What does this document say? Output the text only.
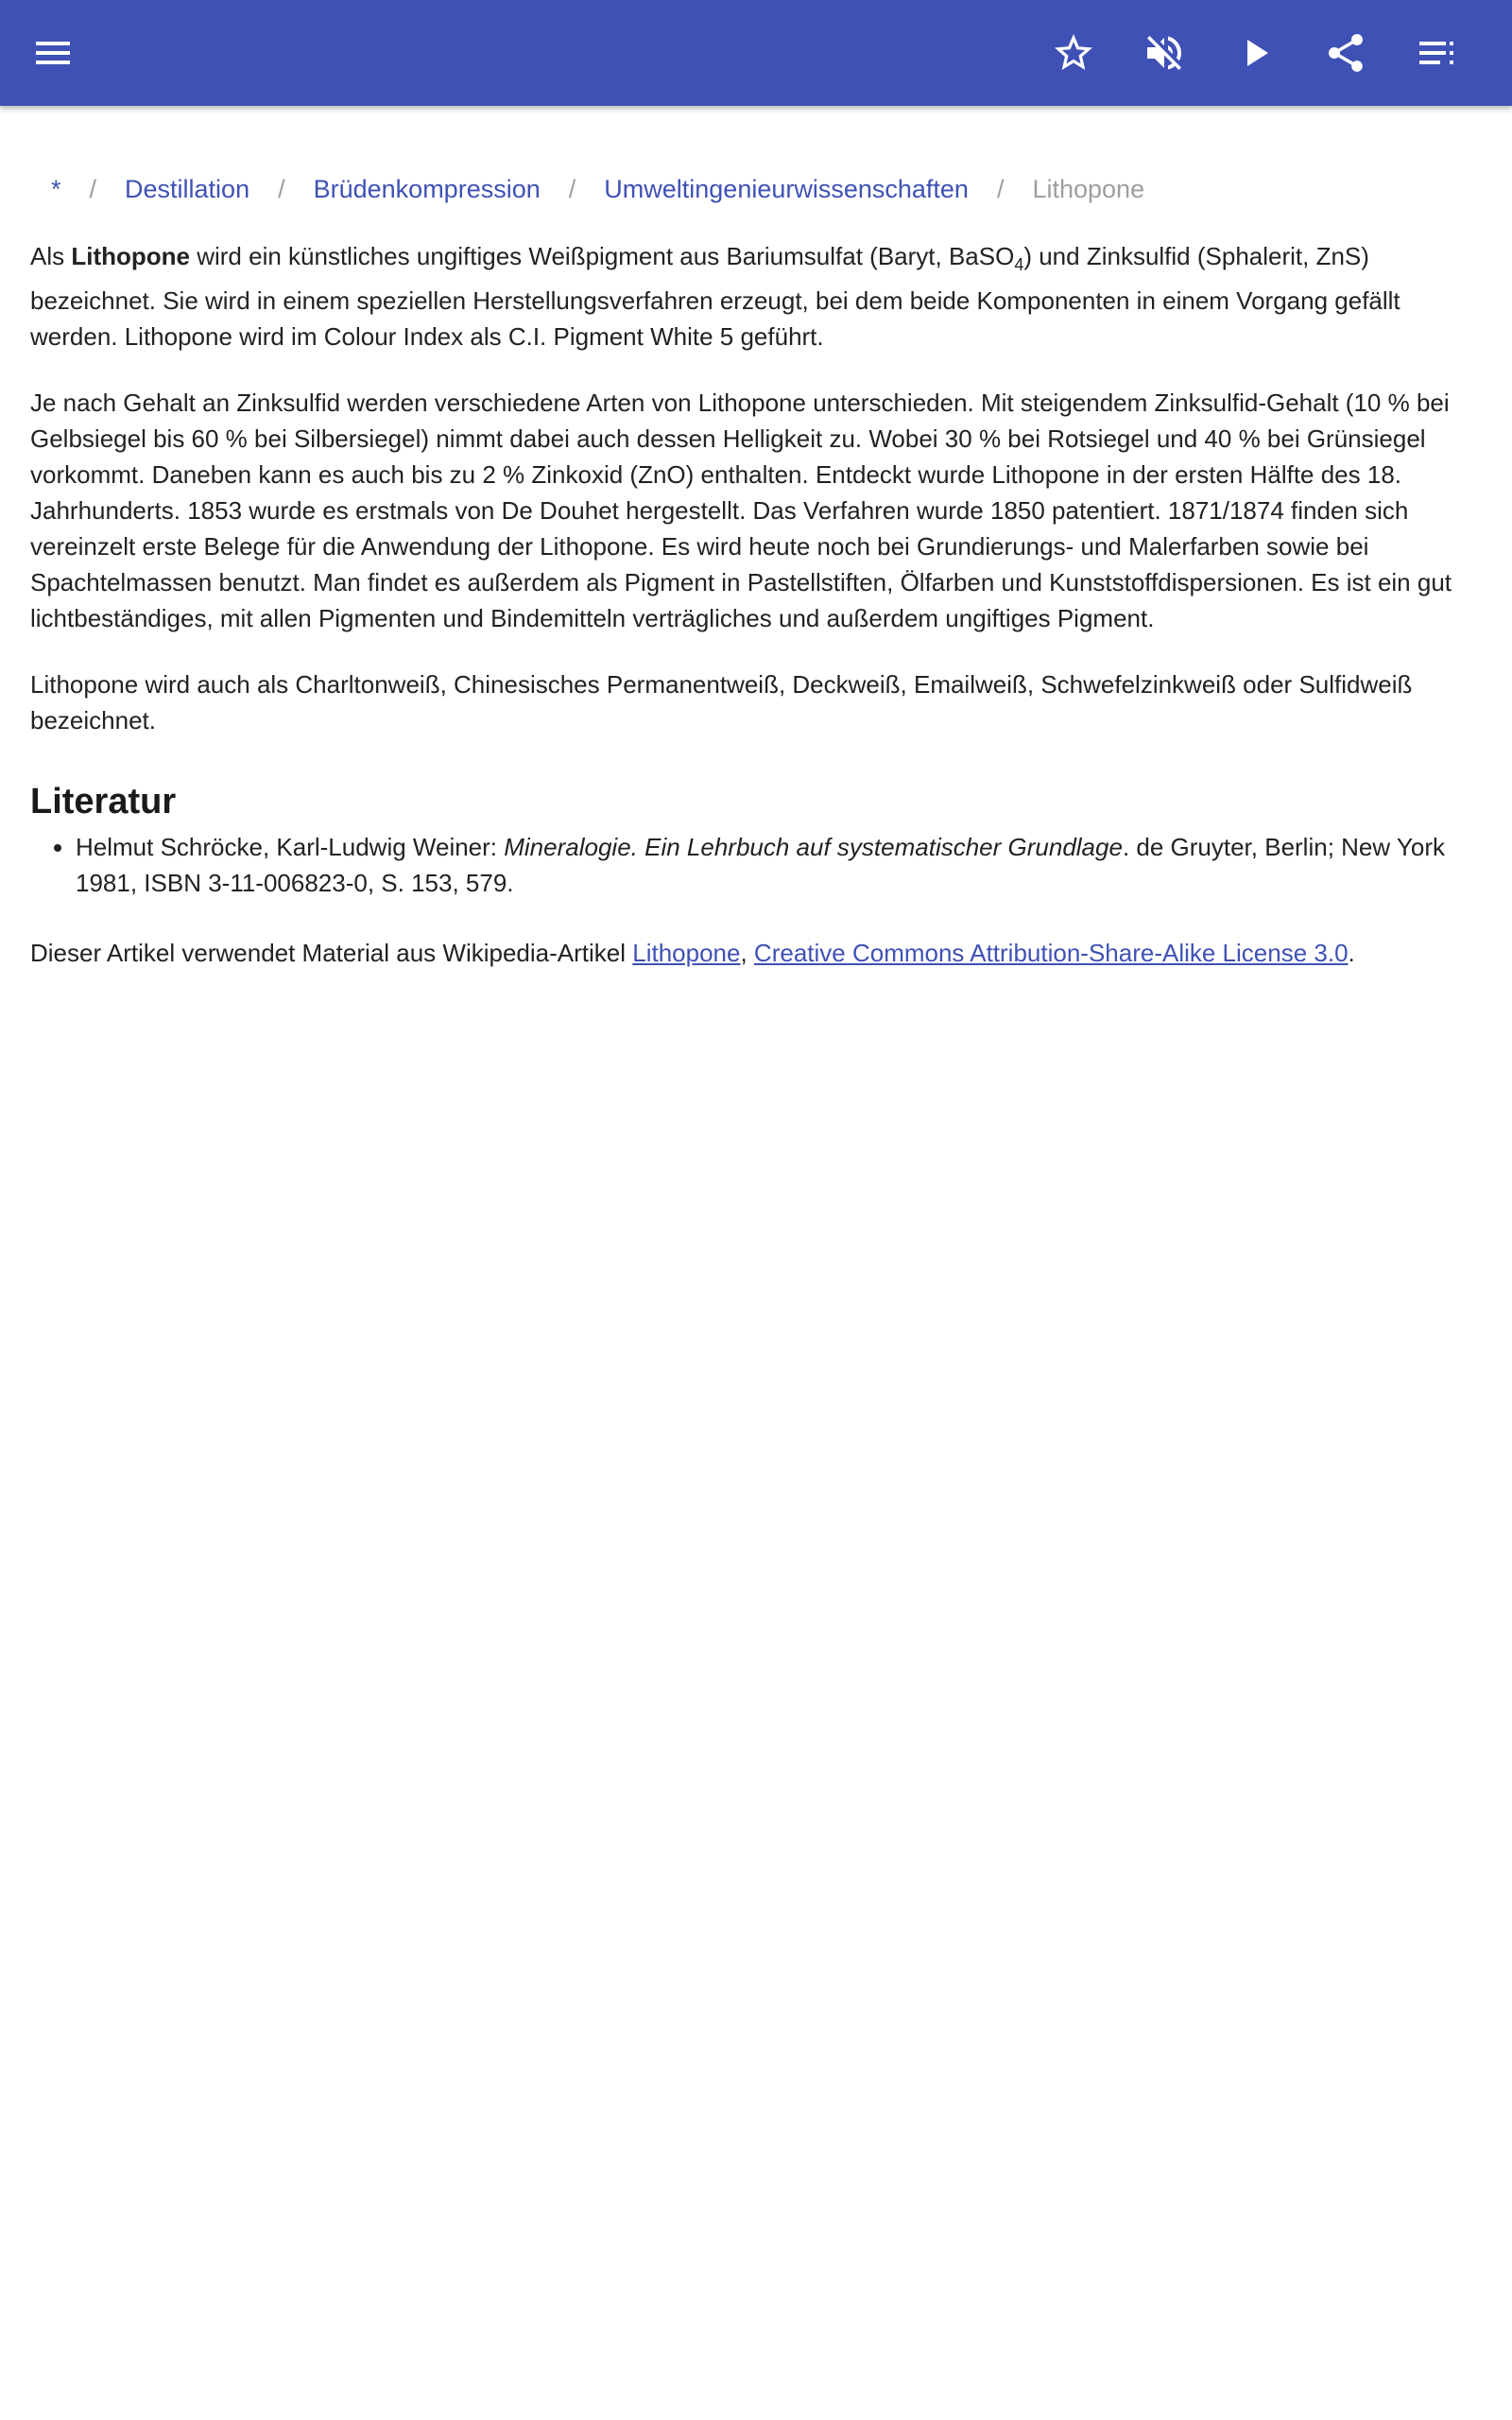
* / Destillation / Brüdenkompression / Umweltingenieurwissenschaften / Lithopone

Als Lithopone wird ein künstliches ungiftiges Weißpigment aus Bariumsulfat (Baryt, BaSO$_4$) und Zinksulfid (Sphalerit, ZnS) bezeichnet. Sie wird in einem speziellen Herstellungsverfahren erzeugt, bei dem beide Komponenten in einem Vorgang gefällt werden. Lithopone wird im Colour Index als C.I. Pigment White 5 geführt.

Je nach Gehalt an Zinksulfid werden verschiedene Arten von Lithopone unterschieden. Mit steigendem Zinksulfid-Gehalt (10 % bei Gelbsiegel bis 60 % bei Silbersiegel) nimmt dabei auch dessen Helligkeit zu. Wobei 30 % bei Rotsiegel und 40 % bei Grünsiegel vorkommt. Daneben kann es auch bis zu 2 % Zinkoxid (ZnO) enthalten. Entdeckt wurde Lithopone in der ersten Hälfte des 18. Jahrhunderts. 1853 wurde es erstmals von De Douhet hergestellt. Das Verfahren wurde 1850 patentiert. 1871/1874 finden sich vereinzelt erste Belege für die Anwendung der Lithopone. Es wird heute noch bei Grundierungs- und Malerfarben sowie bei Spachtelmassen benutzt. Man findet es außerdem als Pigment in Pastellstiften, Ölfarben und Kunststoffdispersionen. Es ist ein gut lichtbeständiges, mit allen Pigmenten und Bindemitteln verträgliches und außerdem ungiftiges Pigment.

Lithopone wird auch als Charltonweiß, Chinesisches Permanentweiß, Deckweiß, Emailweiß, Schwefelzinkweiß oder Sulfidweiß bezeichnet.

Literatur
• Helmut Schröcke, Karl-Ludwig Weiner: Mineralogie. Ein Lehrbuch auf systematischer Grundlage. de Gruyter, Berlin; New York 1981, ISBN 3-11-006823-0, S. 153, 579.

Dieser Artikel verwendet Material aus Wikipedia-Artikel Lithopone, Creative Commons Attribution-Share-Alike License 3.0.
